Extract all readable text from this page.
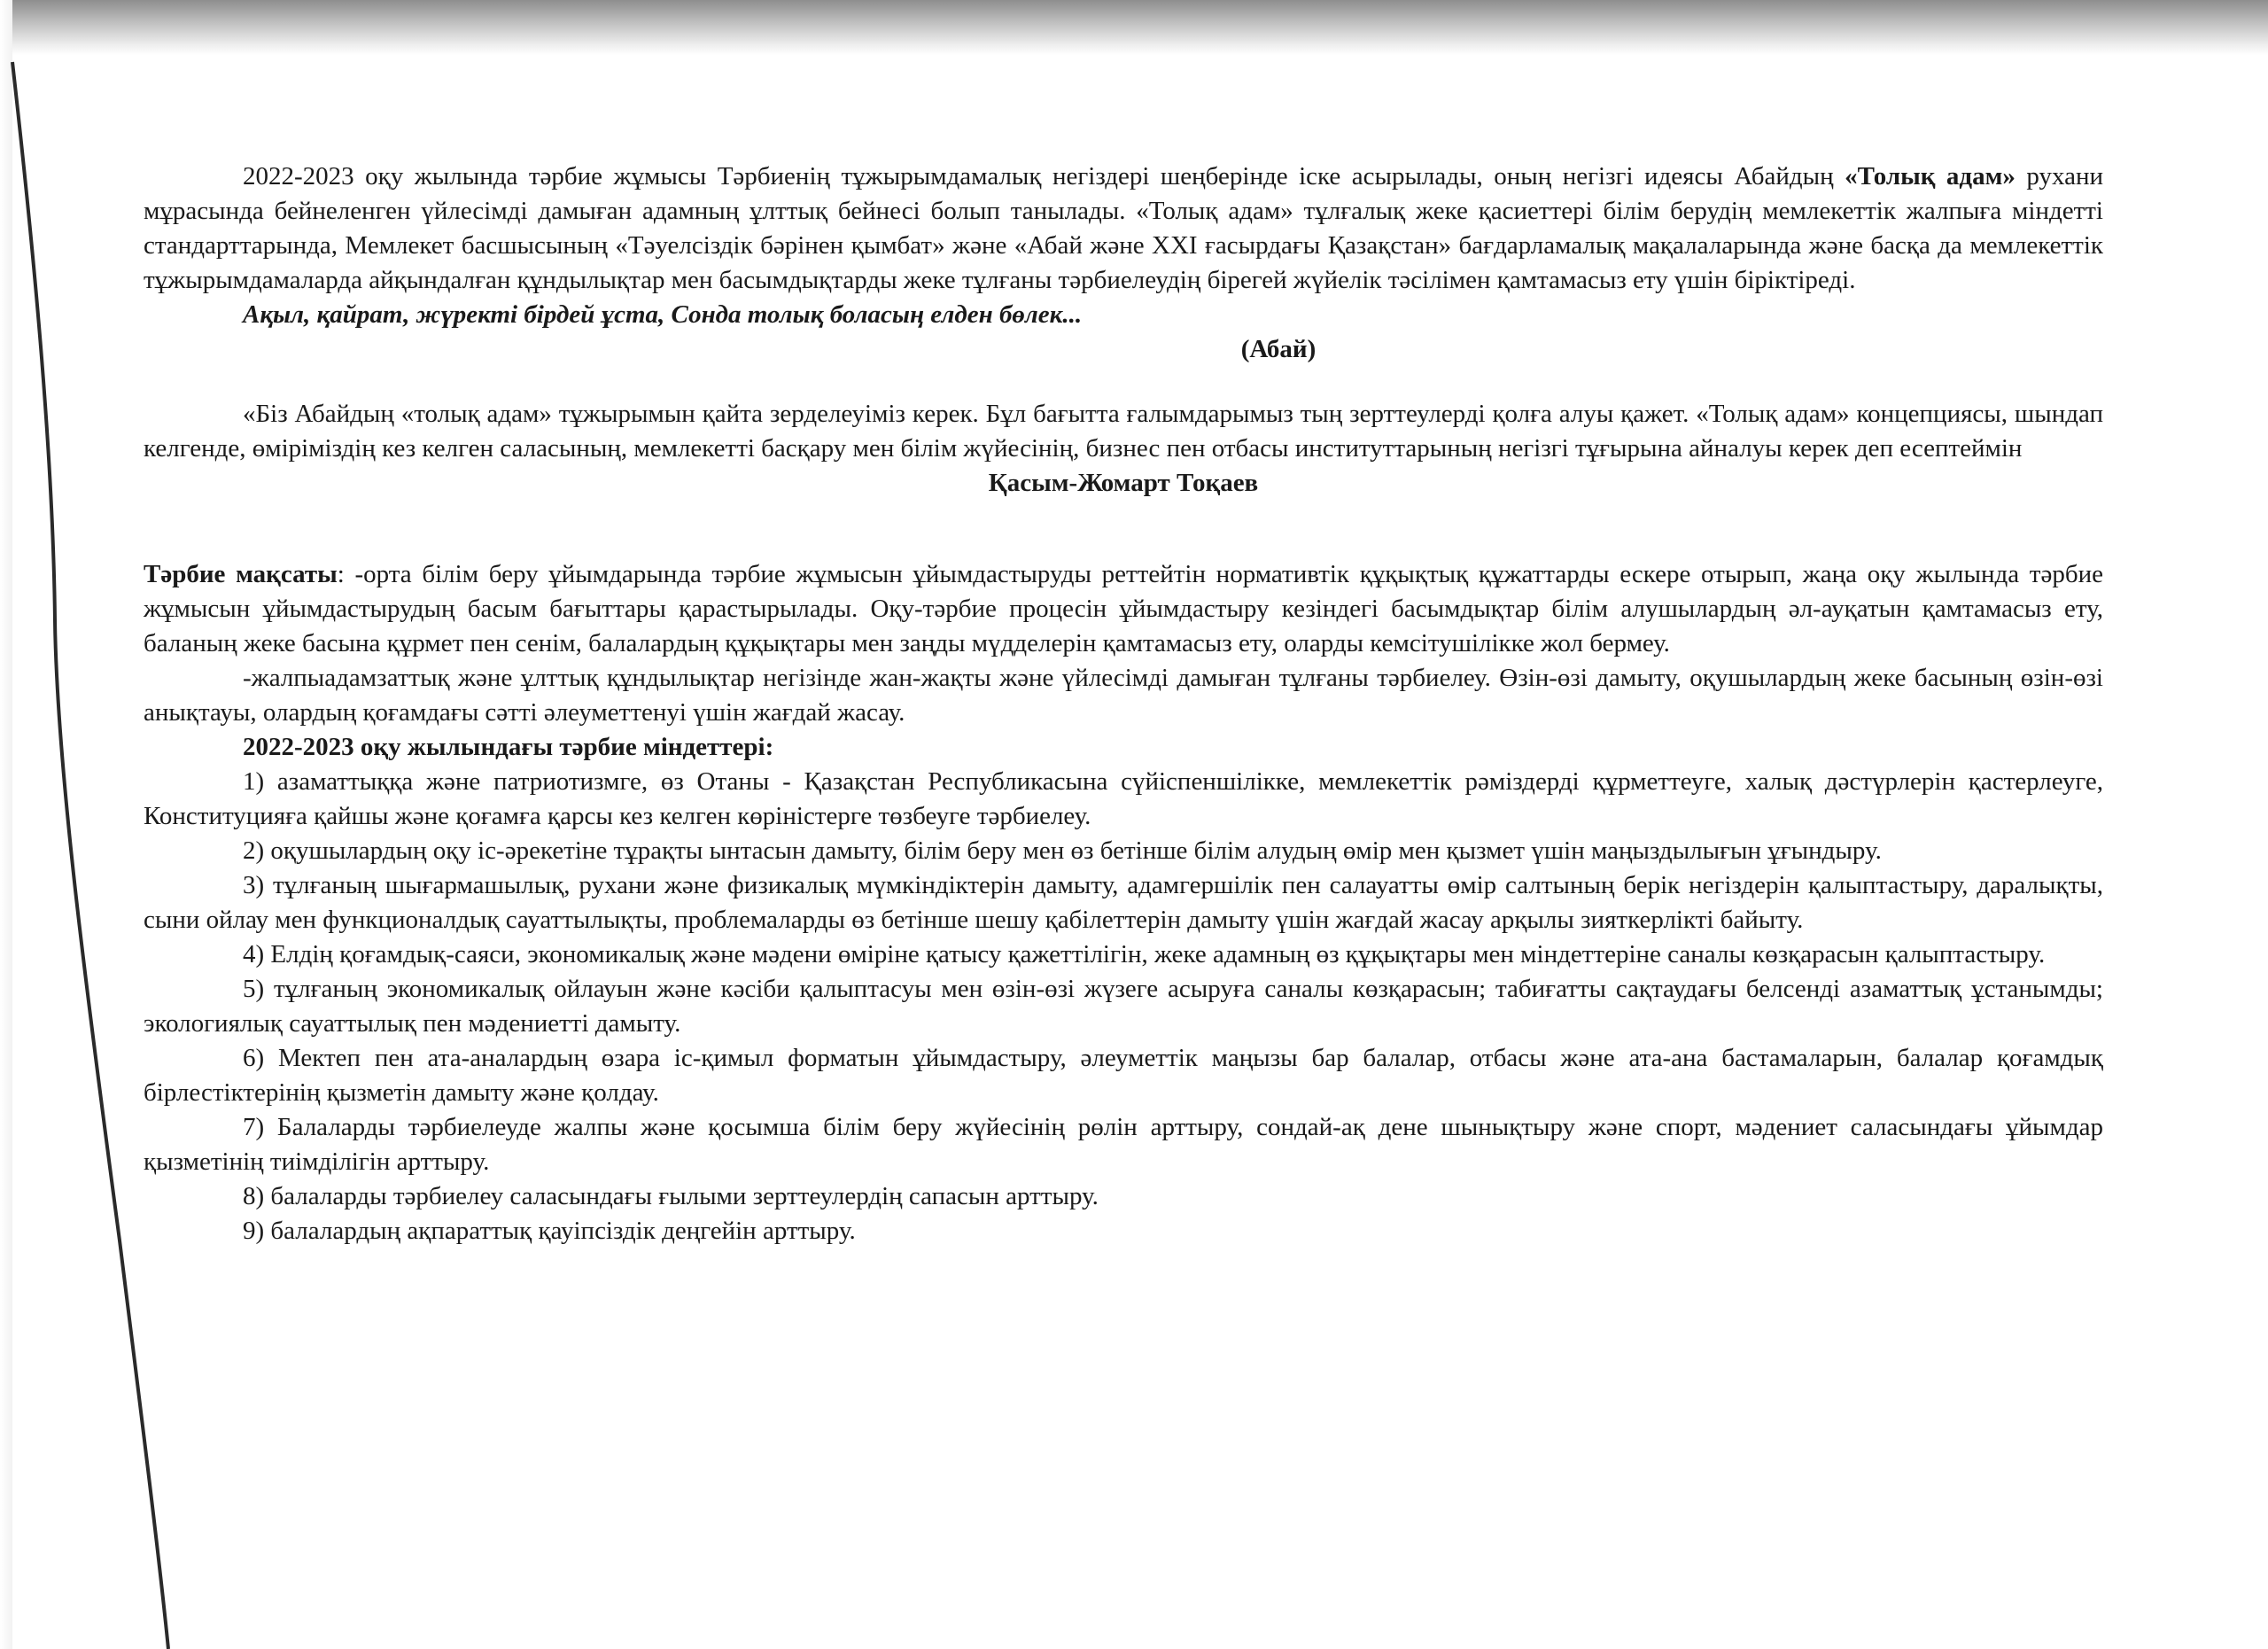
2022-2023 оқу жылында тәрбие жұмысы Тәрбиенің тұжырымдамалық негіздері шеңберінде іске асырылады, оның негізгі идеясы Абайдың «Толық адам» рухани мұрасында бейнеленген үйлесімді дамыған адамның ұлттық бейнесі болып танылады. «Толық адам» тұлғалық жеке қасиеттері білім берудің мемлекеттік жалпыға міндетті стандарттарында, Мемлекет басшысының «Тәуелсіздік бәрінен қымбат» және «Абай және XXI ғасырдағы Қазақстан» бағдарламалық мақалаларында және басқа да мемлекеттік тұжырымдамаларда айқындалған құндылықтар мен басымдықтарды жеке тұлғаны тәрбиелеудің бірегей жүйелік тәсілімен қамтамасыз ету үшін біріктіреді.

Ақыл, қайрат, жүректі бірдей ұста, Сонда толық боласың елден бөлек...

(Абай)

«Біз Абайдың «толық адам» тұжырымын қайта зерделеуіміз керек. Бұл бағытта ғалымдарымыз тың зерттеулерді қолға алуы қажет. «Толық адам» концепциясы, шындап келгенде, өміріміздің кез келген саласының, мемлекетті басқару мен білім жүйесінің, бизнес пен отбасы институттарының негізгі тұғырына айналуы керек деп есептеймін

Қасым-Жомарт Тоқаев

Тәрбие мақсаты: -орта білім беру ұйымдарында тәрбие жұмысын ұйымдастыруды реттейтін нормативтік құқықтық құжаттарды ескере отырып, жаңа оқу жылында тәрбие жұмысын ұйымдастырудың басым бағыттары қарастырылады. Оқу-тәрбие процесін ұйымдастыру кезіндегі басымдықтар білім алушылардың әл-ауқатын қамтамасыз ету, баланың жеке басына құрмет пен сенім, балалардың құқықтары мен заңды мүдделерін қамтамасыз ету, оларды кемсітушілікке жол бермеу.

-жалпыадамзаттық және ұлттық құндылықтар негізінде жан-жақты және үйлесімді дамыған тұлғаны тәрбиелеу. Өзін-өзі дамыту, оқушылардың жеке басының өзін-өзі анықтауы, олардың қоғамдағы сәтті әлеуметтенуі үшін жағдай жасау.

2022-2023 оқу жылындағы тәрбие міндеттері:

1) азаматтыққа және патриотизмге, өз Отаны - Қазақстан Республикасына сүйіспеншілікке, мемлекеттік рәміздерді құрметтеуге, халық дәстүрлерін қастерлеуге, Конституцияға қайшы және қоғамға қарсы кез келген көріністерге төзбеуге тәрбиелеу.

2) оқушылардың оқу іс-әрекетіне тұрақты ынтасын дамыту, білім беру мен өз бетінше білім алудың өмір мен қызмет үшін маңыздылығын ұғындыру.

3) тұлғаның шығармашылық, рухани және физикалық мүмкіндіктерін дамыту, адамгершілік пен салауатты өмір салтының берік негіздерін қалыптастыру, даралықты, сыни ойлау мен функционалдық сауаттылықты, проблемаларды өз бетінше шешу қабілеттерін дамыту үшін жағдай жасау арқылы зияткерлікті байыту.

4) Елдің қоғамдық-саяси, экономикалық және мәдени өміріне қатысу қажеттілігін, жеке адамның өз құқықтары мен міндеттеріне саналы көзқарасын қалыптастыру.

5) тұлғаның экономикалық ойлауын және кәсіби қалыптасуы мен өзін-өзі жүзеге асыруға саналы көзқарасын; табиғатты сақтаудағы белсенді азаматтық ұстанымды; экологиялық сауаттылық пен мәдениетті дамыту.

6) Мектеп пен ата-аналардың өзара іс-қимыл форматын ұйымдастыру, әлеуметтік маңызы бар балалар, отбасы және ата-ана бастамаларын, балалар қоғамдық бірлестіктерінің қызметін дамыту және қолдау.

7) Балаларды тәрбиелеуде жалпы және қосымша білім беру жүйесінің рөлін арттыру, сондай-ақ дене шынықтыру және спорт, мәдениет саласындағы ұйымдар қызметінің тиімділігін арттыру.

8) балаларды тәрбиелеу саласындағы ғылыми зерттеулердің сапасын арттыру.

9) балалардың ақпараттық қауіпсіздік деңгейін арттыру.
